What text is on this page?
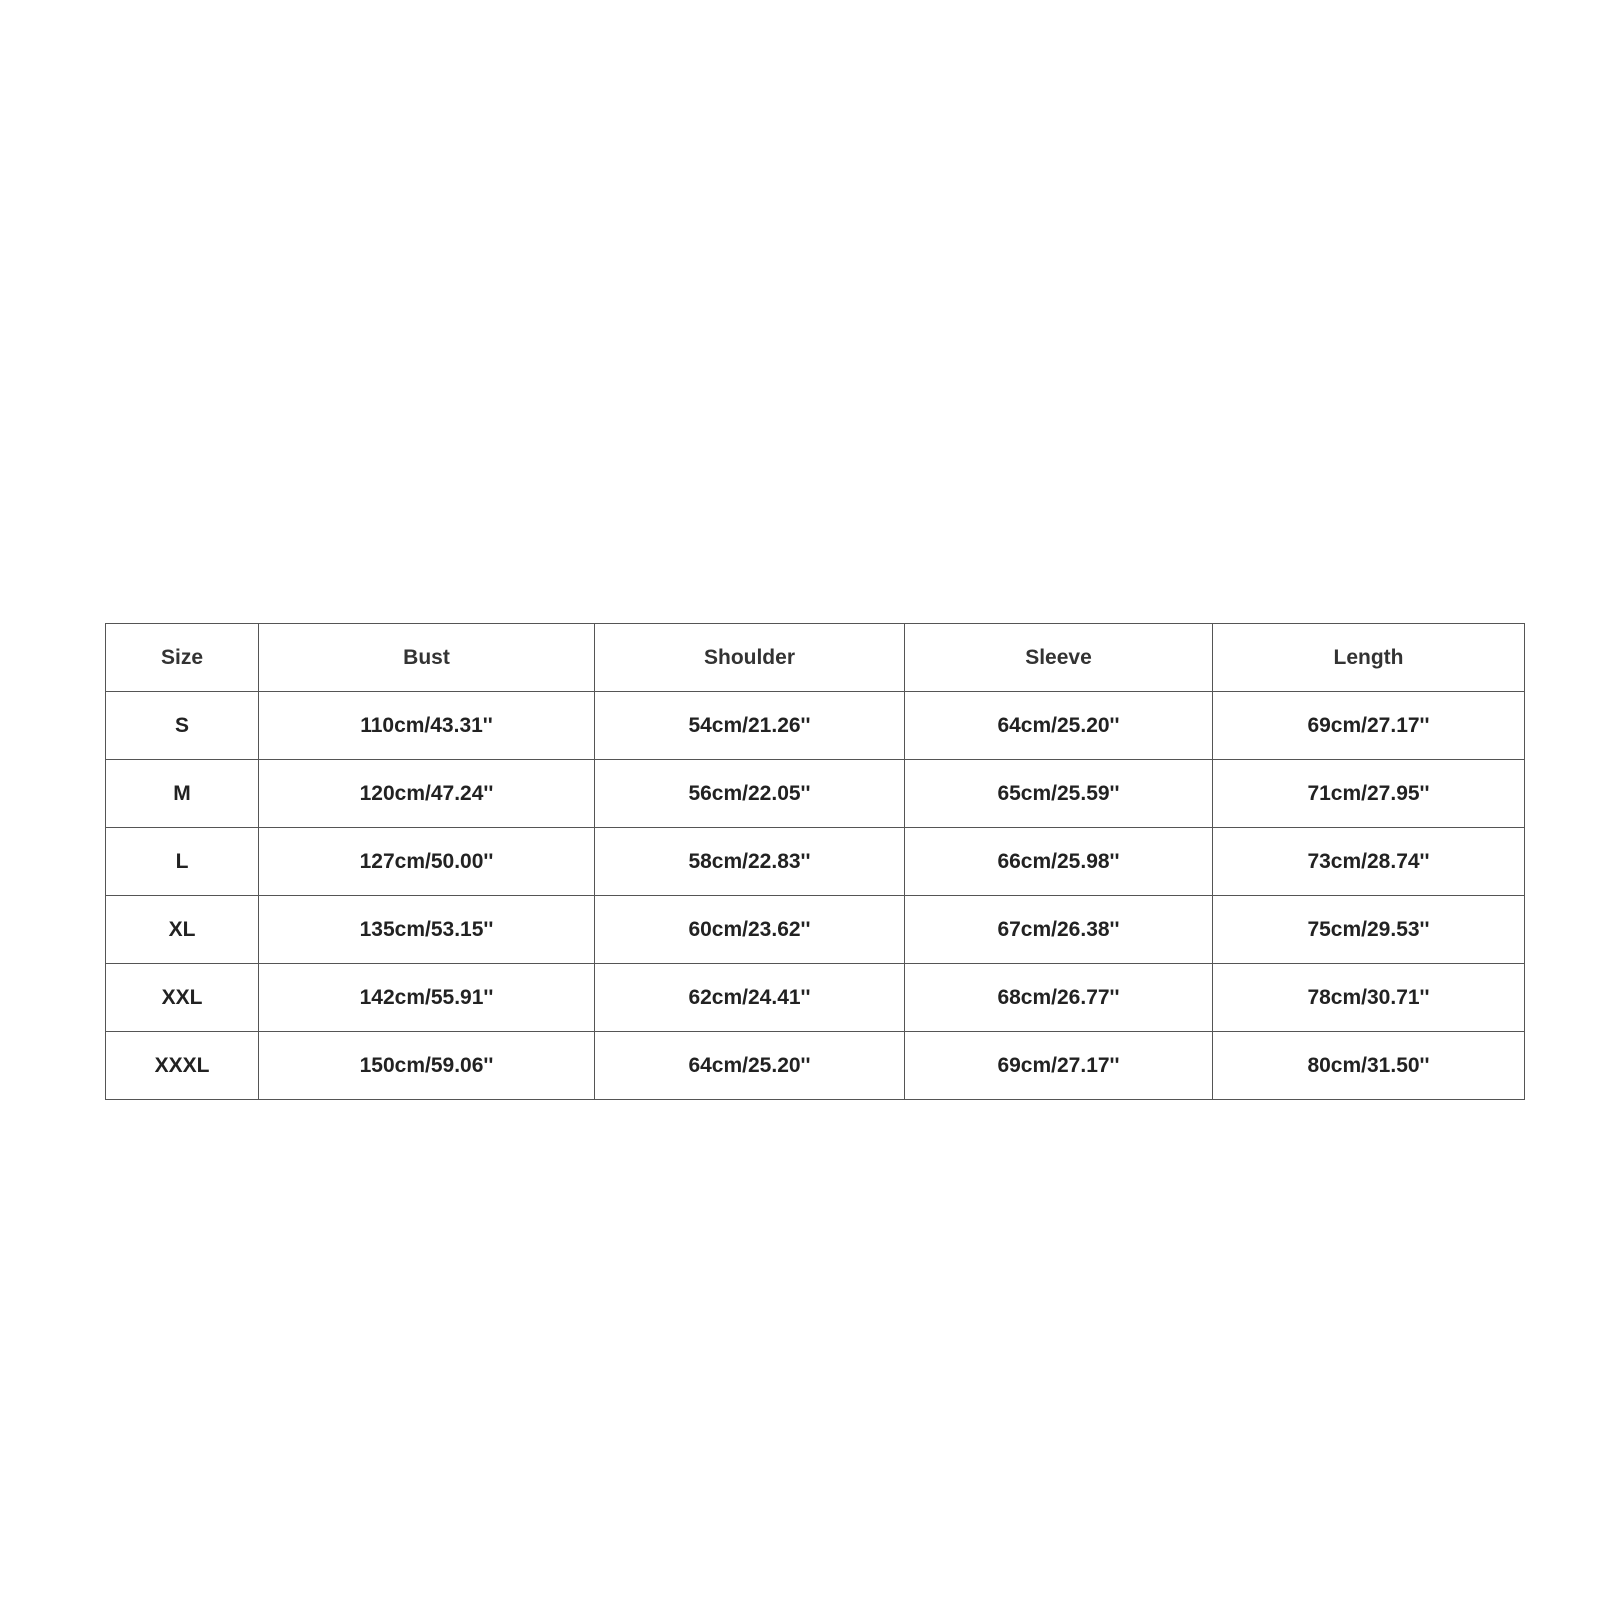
Size	Bust	Shoulder	Sleeve	Length
S	110cm/43.31''	54cm/21.26''	64cm/25.20''	69cm/27.17''
M	120cm/47.24''	56cm/22.05''	65cm/25.59''	71cm/27.95''
L	127cm/50.00''	58cm/22.83''	66cm/25.98''	73cm/28.74''
XL	135cm/53.15''	60cm/23.62''	67cm/26.38''	75cm/29.53''
XXL	142cm/55.91''	62cm/24.41''	68cm/26.77''	78cm/30.71''
XXXL	150cm/59.06''	64cm/25.20''	69cm/27.17''	80cm/31.50''
